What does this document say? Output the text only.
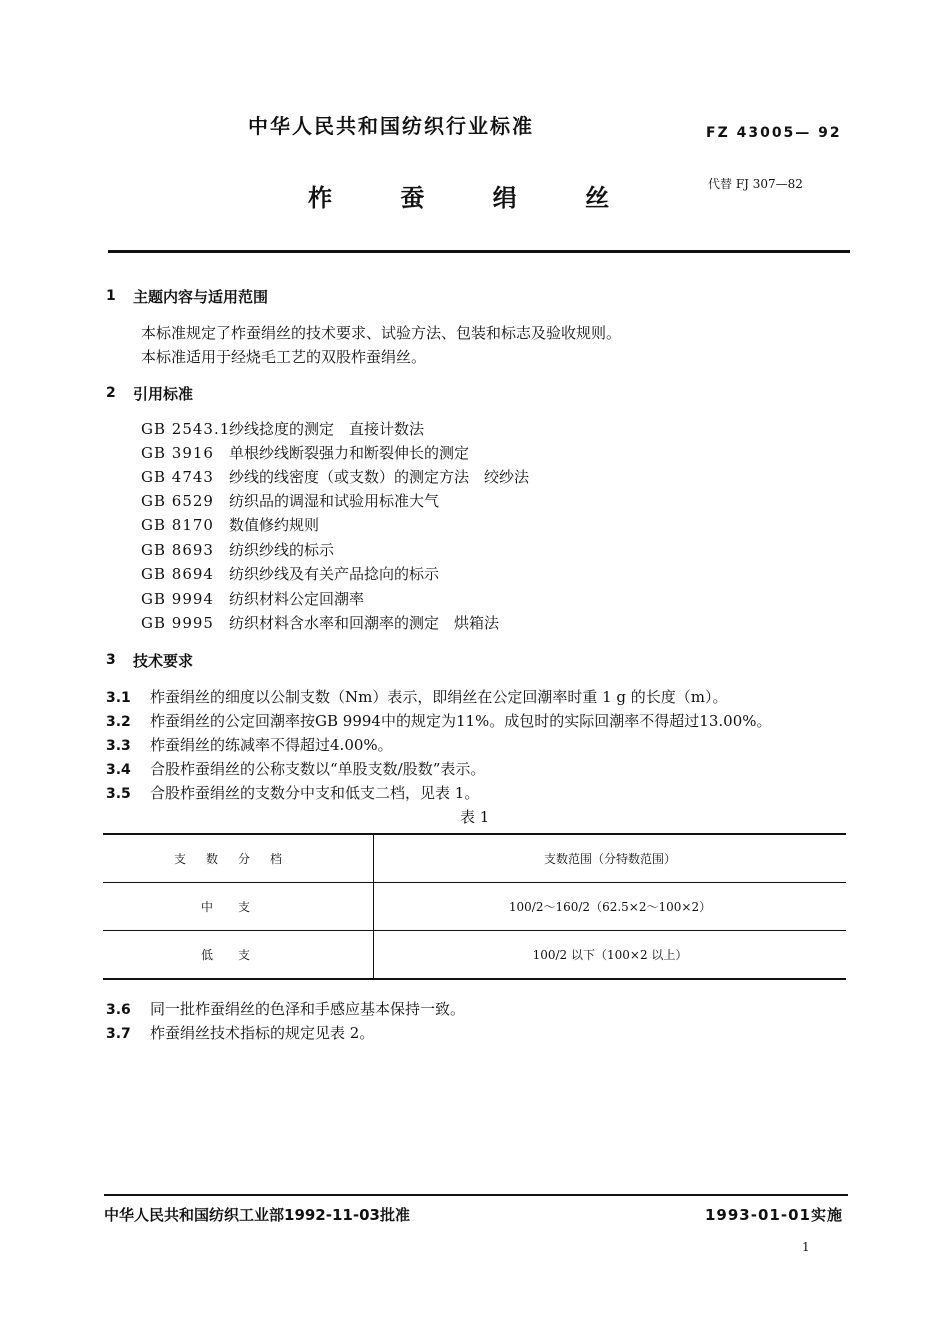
中华人民共和国纺织行业标准	FZ 43005— 92
柞 蚕 绢 丝	代替 FJ 307—82
1 主题内容与适用范围
本标准规定了柞蚕绢丝的技术要求、试验方法、包装和标志及验收规则。
本标准适用于经烧毛工艺的双股柞蚕绢丝。
2 引用标准
GB 2543.1纱线捻度的测定　直接计数法
GB 3916 单根纱线断裂强力和断裂伸长的测定
GB 4743 纱线的线密度（或支数）的测定方法　绞纱法
GB 6529 纺织品的调湿和试验用标准大气
GB 8170 数值修约规则
GB 8693 纺织纱线的标示
GB 8694 纺织纱线及有关产品捻向的标示
GB 9994 纺织材料公定回潮率
GB 9995 纺织材料含水率和回潮率的测定　烘箱法
3 技术要求
3.1 柞蚕绢丝的细度以公制支数（Nm）表示，即绢丝在公定回潮率时重 1 g 的长度（m）。
3.2 柞蚕绢丝的公定回潮率按GB 9994中的规定为11%。成包时的实际回潮率不得超过13.00%。
3.3 柞蚕绢丝的练减率不得超过4.00%。
3.4 合股柞蚕绢丝的公称支数以“单股支数/股数”表示。
3.5 合股柞蚕绢丝的支数分中支和低支二档，见表 1。
表 1
支数分档	支数范围（分特数范围）
中支	100/2～160/2（62.5×2～100×2）
低支	100/2 以下（100×2 以上）
3.6 同一批柞蚕绢丝的色泽和手感应基本保持一致。
3.7 柞蚕绢丝技术指标的规定见表 2。
中华人民共和国纺织工业部1992-11-03批准	1993-01-01实施
1
